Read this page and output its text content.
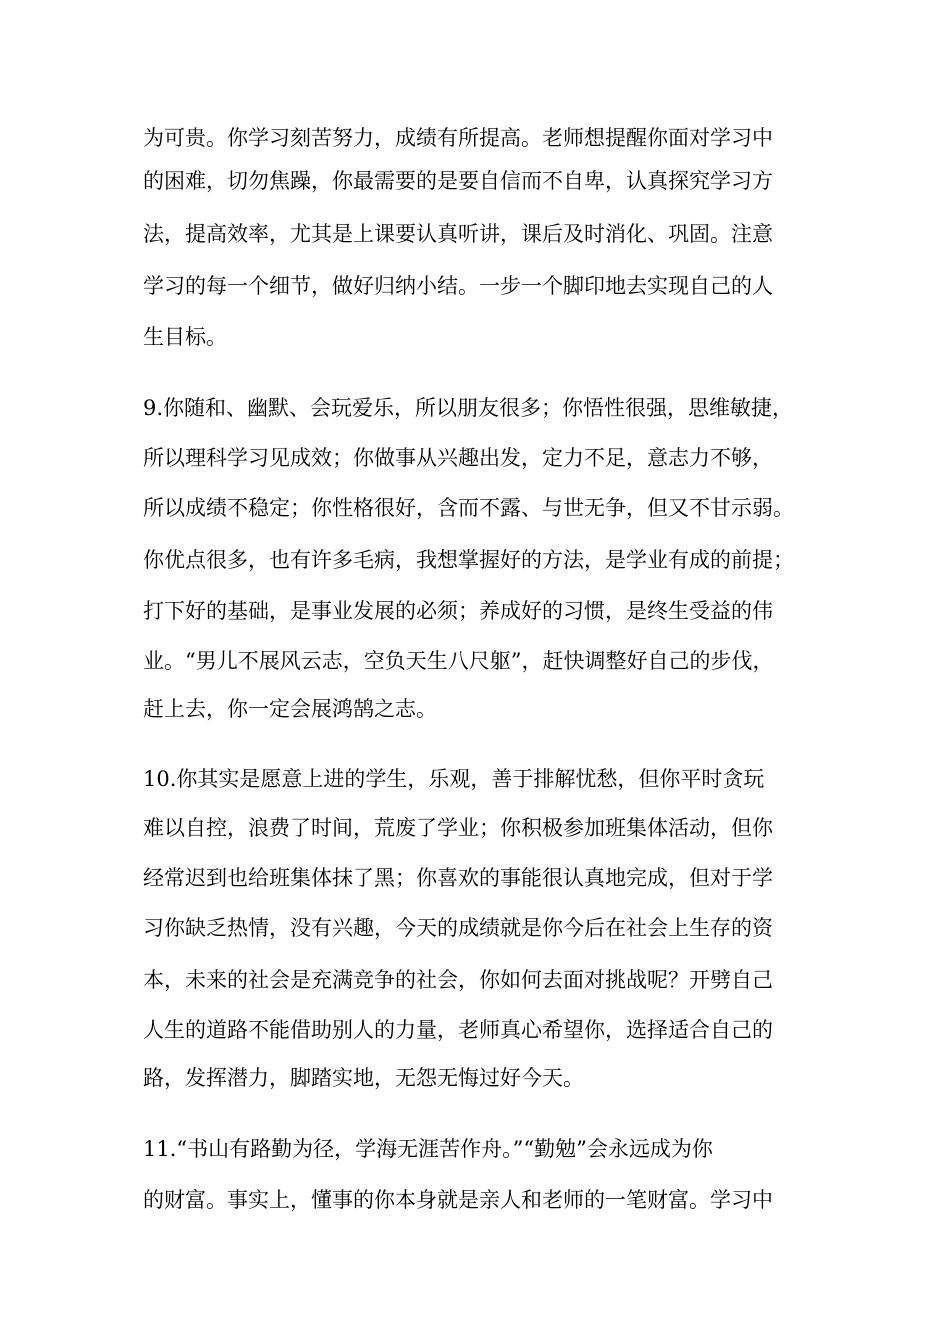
为可贵。你学习刻苦努力，成绩有所提高。老师想提醒你面对学习中
的困难，切勿焦躁，你最需要的是要自信而不自卑，认真探究学习方
法，提高效率，尤其是上课要认真听讲，课后及时消化、巩固。注意
学习的每一个细节，做好归纳小结。一步一个脚印地去实现自己的人
生目标。
9.你随和、幽默、会玩爱乐，所以朋友很多；你悟性很强，思维敏捷，
所以理科学习见成效；你做事从兴趣出发，定力不足，意志力不够，
所以成绩不稳定；你性格很好，含而不露、与世无争，但又不甘示弱。
你优点很多，也有许多毛病，我想掌握好的方法，是学业有成的前提；
打下好的基础，是事业发展的必须；养成好的习惯，是终生受益的伟
业。“男儿不展风云志，空负天生八尺躯”，赶快调整好自己的步伐，
赶上去，你一定会展鸿鹄之志。
10.你其实是愿意上进的学生，乐观，善于排解忧愁，但你平时贪玩
难以自控，浪费了时间，荒废了学业；你积极参加班集体活动，但你
经常迟到也给班集体抹了黑；你喜欢的事能很认真地完成，但对于学
习你缺乏热情，没有兴趣，今天的成绩就是你今后在社会上生存的资
本，未来的社会是充满竞争的社会，你如何去面对挑战呢？开劈自己
人生的道路不能借助别人的力量，老师真心希望你，选择适合自己的
路，发挥潜力，脚踏实地，无怨无悔过好今天。
11.“书山有路勤为径，学海无涯苦作舟。”“勤勉”会永远成为你
的财富。事实上，懂事的你本身就是亲人和老师的一笔财富。学习中
